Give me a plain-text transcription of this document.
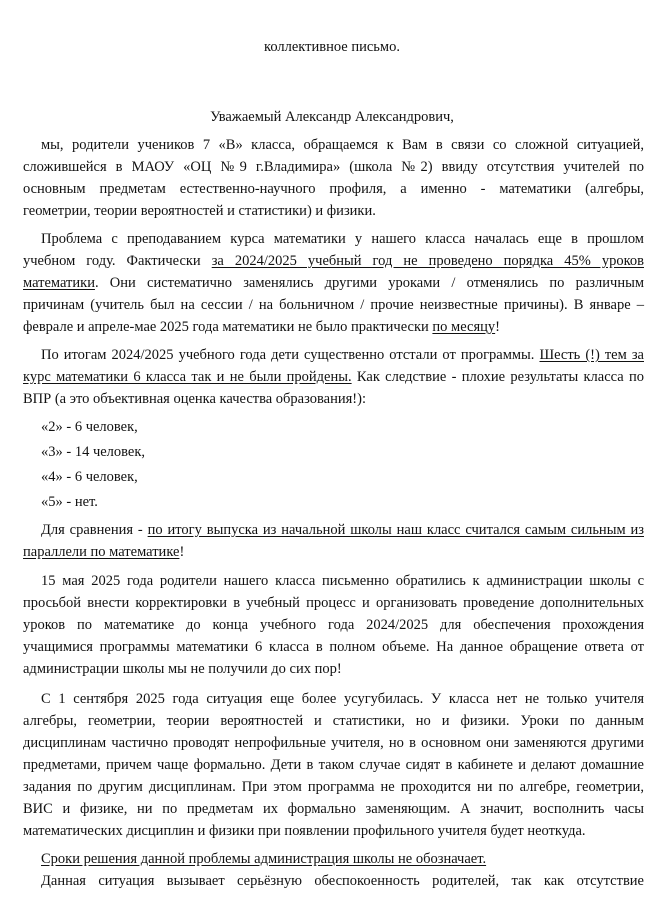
коллективное письмо.
Уважаемый Александр Александрович,
мы, родители учеников 7 «В» класса, обращаемся к Вам в связи со сложной ситуацией,
сложившейся в МАОУ «ОЦ №9 г.Владимира» (школа №2) ввиду отсутствия учителей по
основным предметам естественно-научного профиля, а именно - математики (алгебры,
геометрии, теории вероятностей и статистики) и физики.
Проблема с преподаванием курса математики у нашего класса началась еще в прошлом
учебном году. Фактически за 2024/2025 учебный год не проведено порядка 45% уроков
математики. Они систематично заменялись другими уроками / отменялись по различным
причинам (учитель был на сессии / на больничном / прочие неизвестные причины). В январе –
феврале и апреле-мае 2025 года математики не было практически по месяцу!
По итогам 2024/2025 учебного года дети существенно отстали от программы. Шесть (!) тем за
курс математики 6 класса так и не были пройдены. Как следствие - плохие результаты класса по
ВПР (а это объективная оценка качества образования!):
«2» - 6 человек,
«3» - 14 человек,
«4» - 6 человек,
«5» - нет.
Для сравнения - по итогу выпуска из начальной школы наш класс считался самым сильным из
параллели по математике!
15 мая 2025 года родители нашего класса письменно обратились к администрации школы с
просьбой внести корректировки в учебный процесс и организовать проведение дополнительных
уроков по математике до конца учебного года 2024/2025 для обеспечения прохождения
учащимися программы математики 6 класса в полном объеме. На данное обращение ответа от
администрации школы мы не получили до сих пор!
С 1 сентября 2025 года ситуация еще более усугубилась. У класса нет не только учителя
алгебры, геометрии, теории вероятностей и статистики, но и физики. Уроки по данным
дисциплинам частично проводят непрофильные учителя, но в основном они заменяются другими
предметами, причем чаще формально. Дети в таком случае сидят в кабинете и делают домашние
задания по другим дисциплинам. При этом программа не проходится ни по алгебре, геометрии,
ВИС и физике, ни по предметам их формально заменяющим. А значит, восполнить часы
математических дисциплин и физики при появлении профильного учителя будет неоткуда.
Сроки решения данной проблемы администрация школы не обозначает.
Данная ситуация вызывает серьёзную обеспокоенность родителей, так как отсутствие
